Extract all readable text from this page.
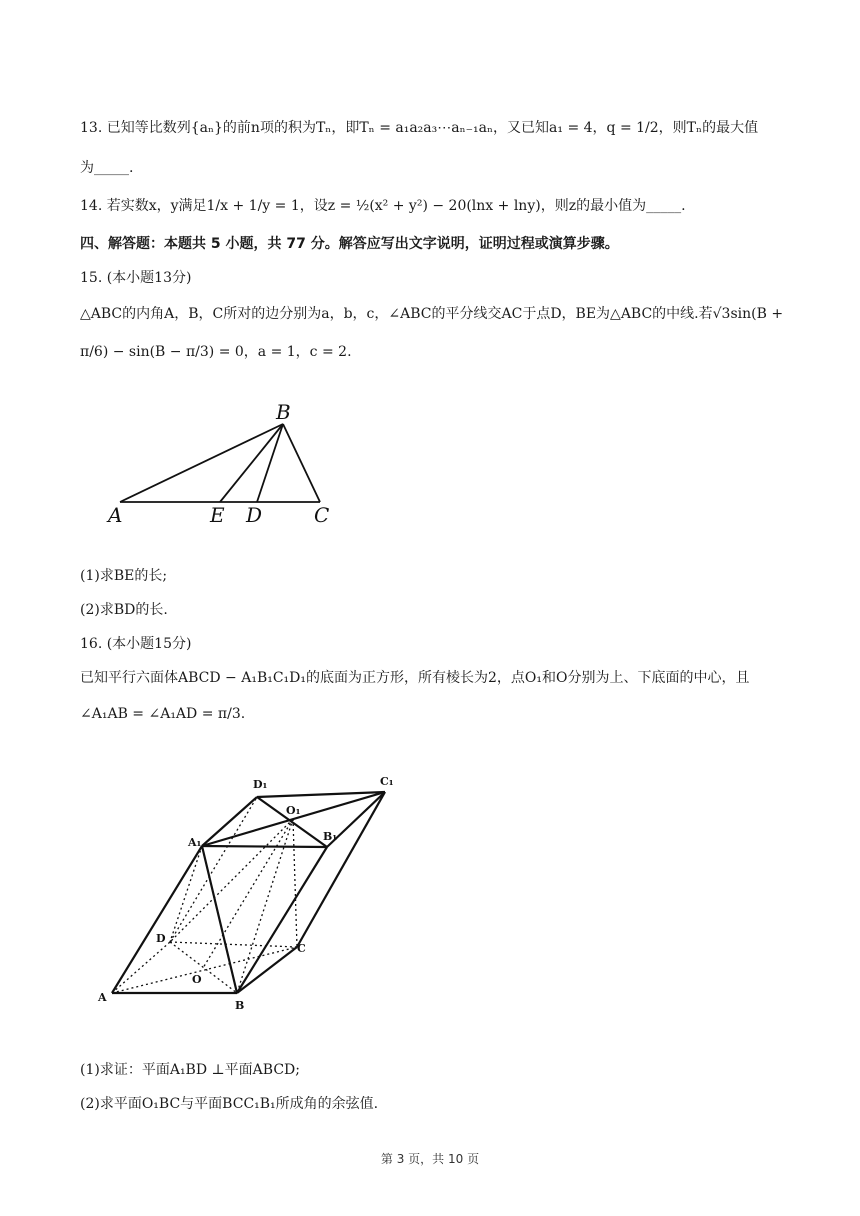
13. 已知等比数列{aₙ}的前n项的积为Tₙ，即Tₙ = a₁a₂a₃⋯aₙ₋₁aₙ，又已知a₁ = 4，q = 1/2，则Tₙ的最大值
为_____.
14. 若实数x，y满足1/x + 1/y = 1，设z = ½(x² + y²) − 20(lnx + lny)，则z的最小值为_____.
四、解答题：本题共 5 小题，共 77 分。解答应写出文字说明，证明过程或演算步骤。
15. (本小题13分)
△ABC的内角A，B，C所对的边分别为a，b，c，∠ABC的平分线交AC于点D，BE为△ABC的中线.若√3sin(B +
π/6) − sin(B − π/3) = 0，a = 1，c = 2.
A	E D	C
B
(1)求BE的长;
(2)求BD的长.
16. (本小题15分)
已知平行六面体ABCD − A₁B₁C₁D₁的底面为正方形，所有棱长为2，点O₁和O分别为上、下底面的中心，且
∠A₁AB = ∠A₁AD = π/3.
D₁	C₁
O₁
A₁	B₁
D
C
O
A
B
(1)求证：平面A₁BD ⊥平面ABCD;
(2)求平面O₁BC与平面BCC₁B₁所成角的余弦值.
第 3 页，共 10 页
